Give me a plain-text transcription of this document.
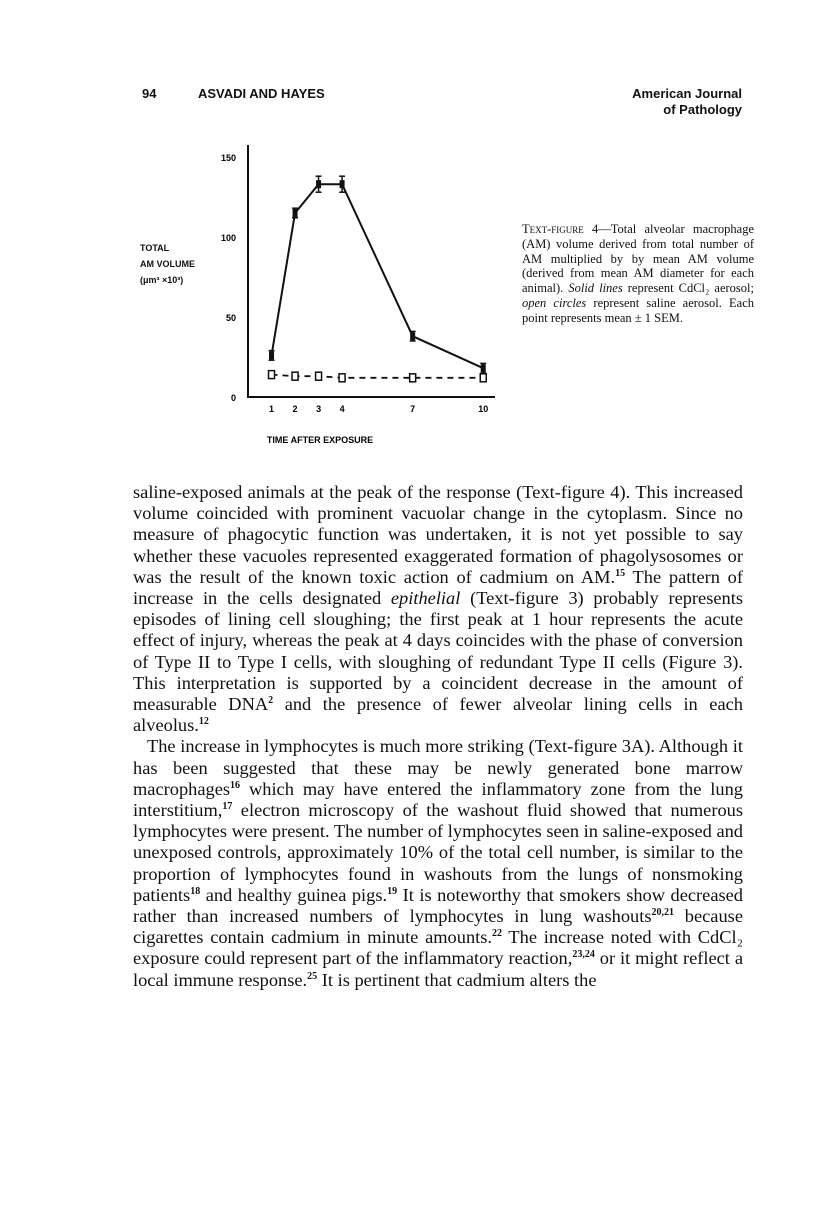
94	ASVADI AND HAYES	American Journal
of Pathology
TOTAL
AM VOLUME
(μm³ ×10³)
0
50
100
150
1 2 3 4	7	10
TIME AFTER EXPOSURE
Text-figure 4—Total alveolar macrophage (AM) volume derived from total number of AM multiplied by by mean AM volume (derived from mean AM diameter for each animal). Solid lines represent CdCl₂ aerosol; open circles represent saline aerosol. Each point represents mean ± 1 SEM.

saline-exposed animals at the peak of the response (Text-figure 4). This increased volume coincided with prominent vacuolar change in the cytoplasm. Since no measure of phagocytic function was undertaken, it is not yet possible to say whether these vacuoles represented exaggerated formation of phagolysosomes or was the result of the known toxic action of cadmium on AM.$^{15}$ The pattern of increase in the cells designated epithelial (Text-figure 3) probably represents episodes of lining cell sloughing; the first peak at 1 hour represents the acute effect of injury, whereas the peak at 4 days coincides with the phase of conversion of Type II to Type I cells, with sloughing of redundant Type II cells (Figure 3). This interpretation is supported by a coincident decrease in the amount of measurable DNA$^2$ and the presence of fewer alveolar lining cells in each alveolus.$^{12}$

The increase in lymphocytes is much more striking (Text-figure 3A). Although it has been suggested that these may be newly generated bone marrow macrophages$^{16}$ which may have entered the inflammatory zone from the lung interstitium,$^{17}$ electron microscopy of the washout fluid showed that numerous lymphocytes were present. The number of lymphocytes seen in saline-exposed and unexposed controls, approximately 10% of the total cell number, is similar to the proportion of lymphocytes found in washouts from the lungs of nonsmoking patients$^{18}$ and healthy guinea pigs.$^{19}$ It is noteworthy that smokers show decreased rather than increased numbers of lymphocytes in lung washouts$^{20,21}$ because cigarettes contain cadmium in minute amounts.$^{22}$ The increase noted with CdCl₂ exposure could represent part of the inflammatory reaction,$^{23,24}$ or it might reflect a local immune response.$^{25}$ It is pertinent that cadmium alters the
